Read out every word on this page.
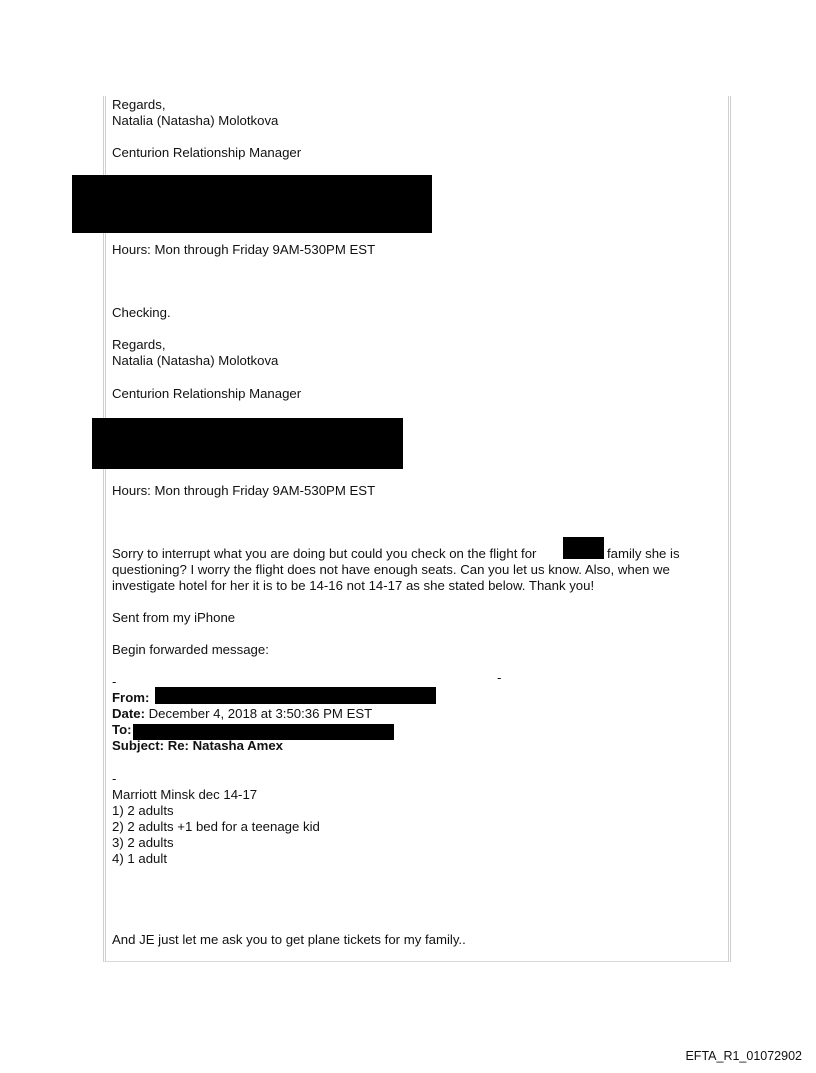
Regards,
Natalia (Natasha) Molotkova
Centurion Relationship Manager
Hours: Mon through Friday 9AM-530PM EST
Checking.
Regards,
Natalia (Natasha) Molotkova
Centurion Relationship Manager
Hours: Mon through Friday 9AM-530PM EST
Sorry to interrupt what you are doing but could you check on the flight for	family she is
questioning? I worry the flight does not have enough seats. Can you let us know. Also, when we
investigate hotel for her it is to be 14-16 not 14-17 as she stated below. Thank you!
Sent from my iPhone
Begin forwarded message:
-
-
From:
Date: December 4, 2018 at 3:50:36 PM EST
To:
Subject: Re: Natasha Amex
-
Marriott Minsk dec 14-17
1) 2 adults
2) 2 adults +1 bed for a teenage kid
3) 2 adults
4) 1 adult
And JE just let me ask you to get plane tickets for my family..
EFTA_R1_01072902
